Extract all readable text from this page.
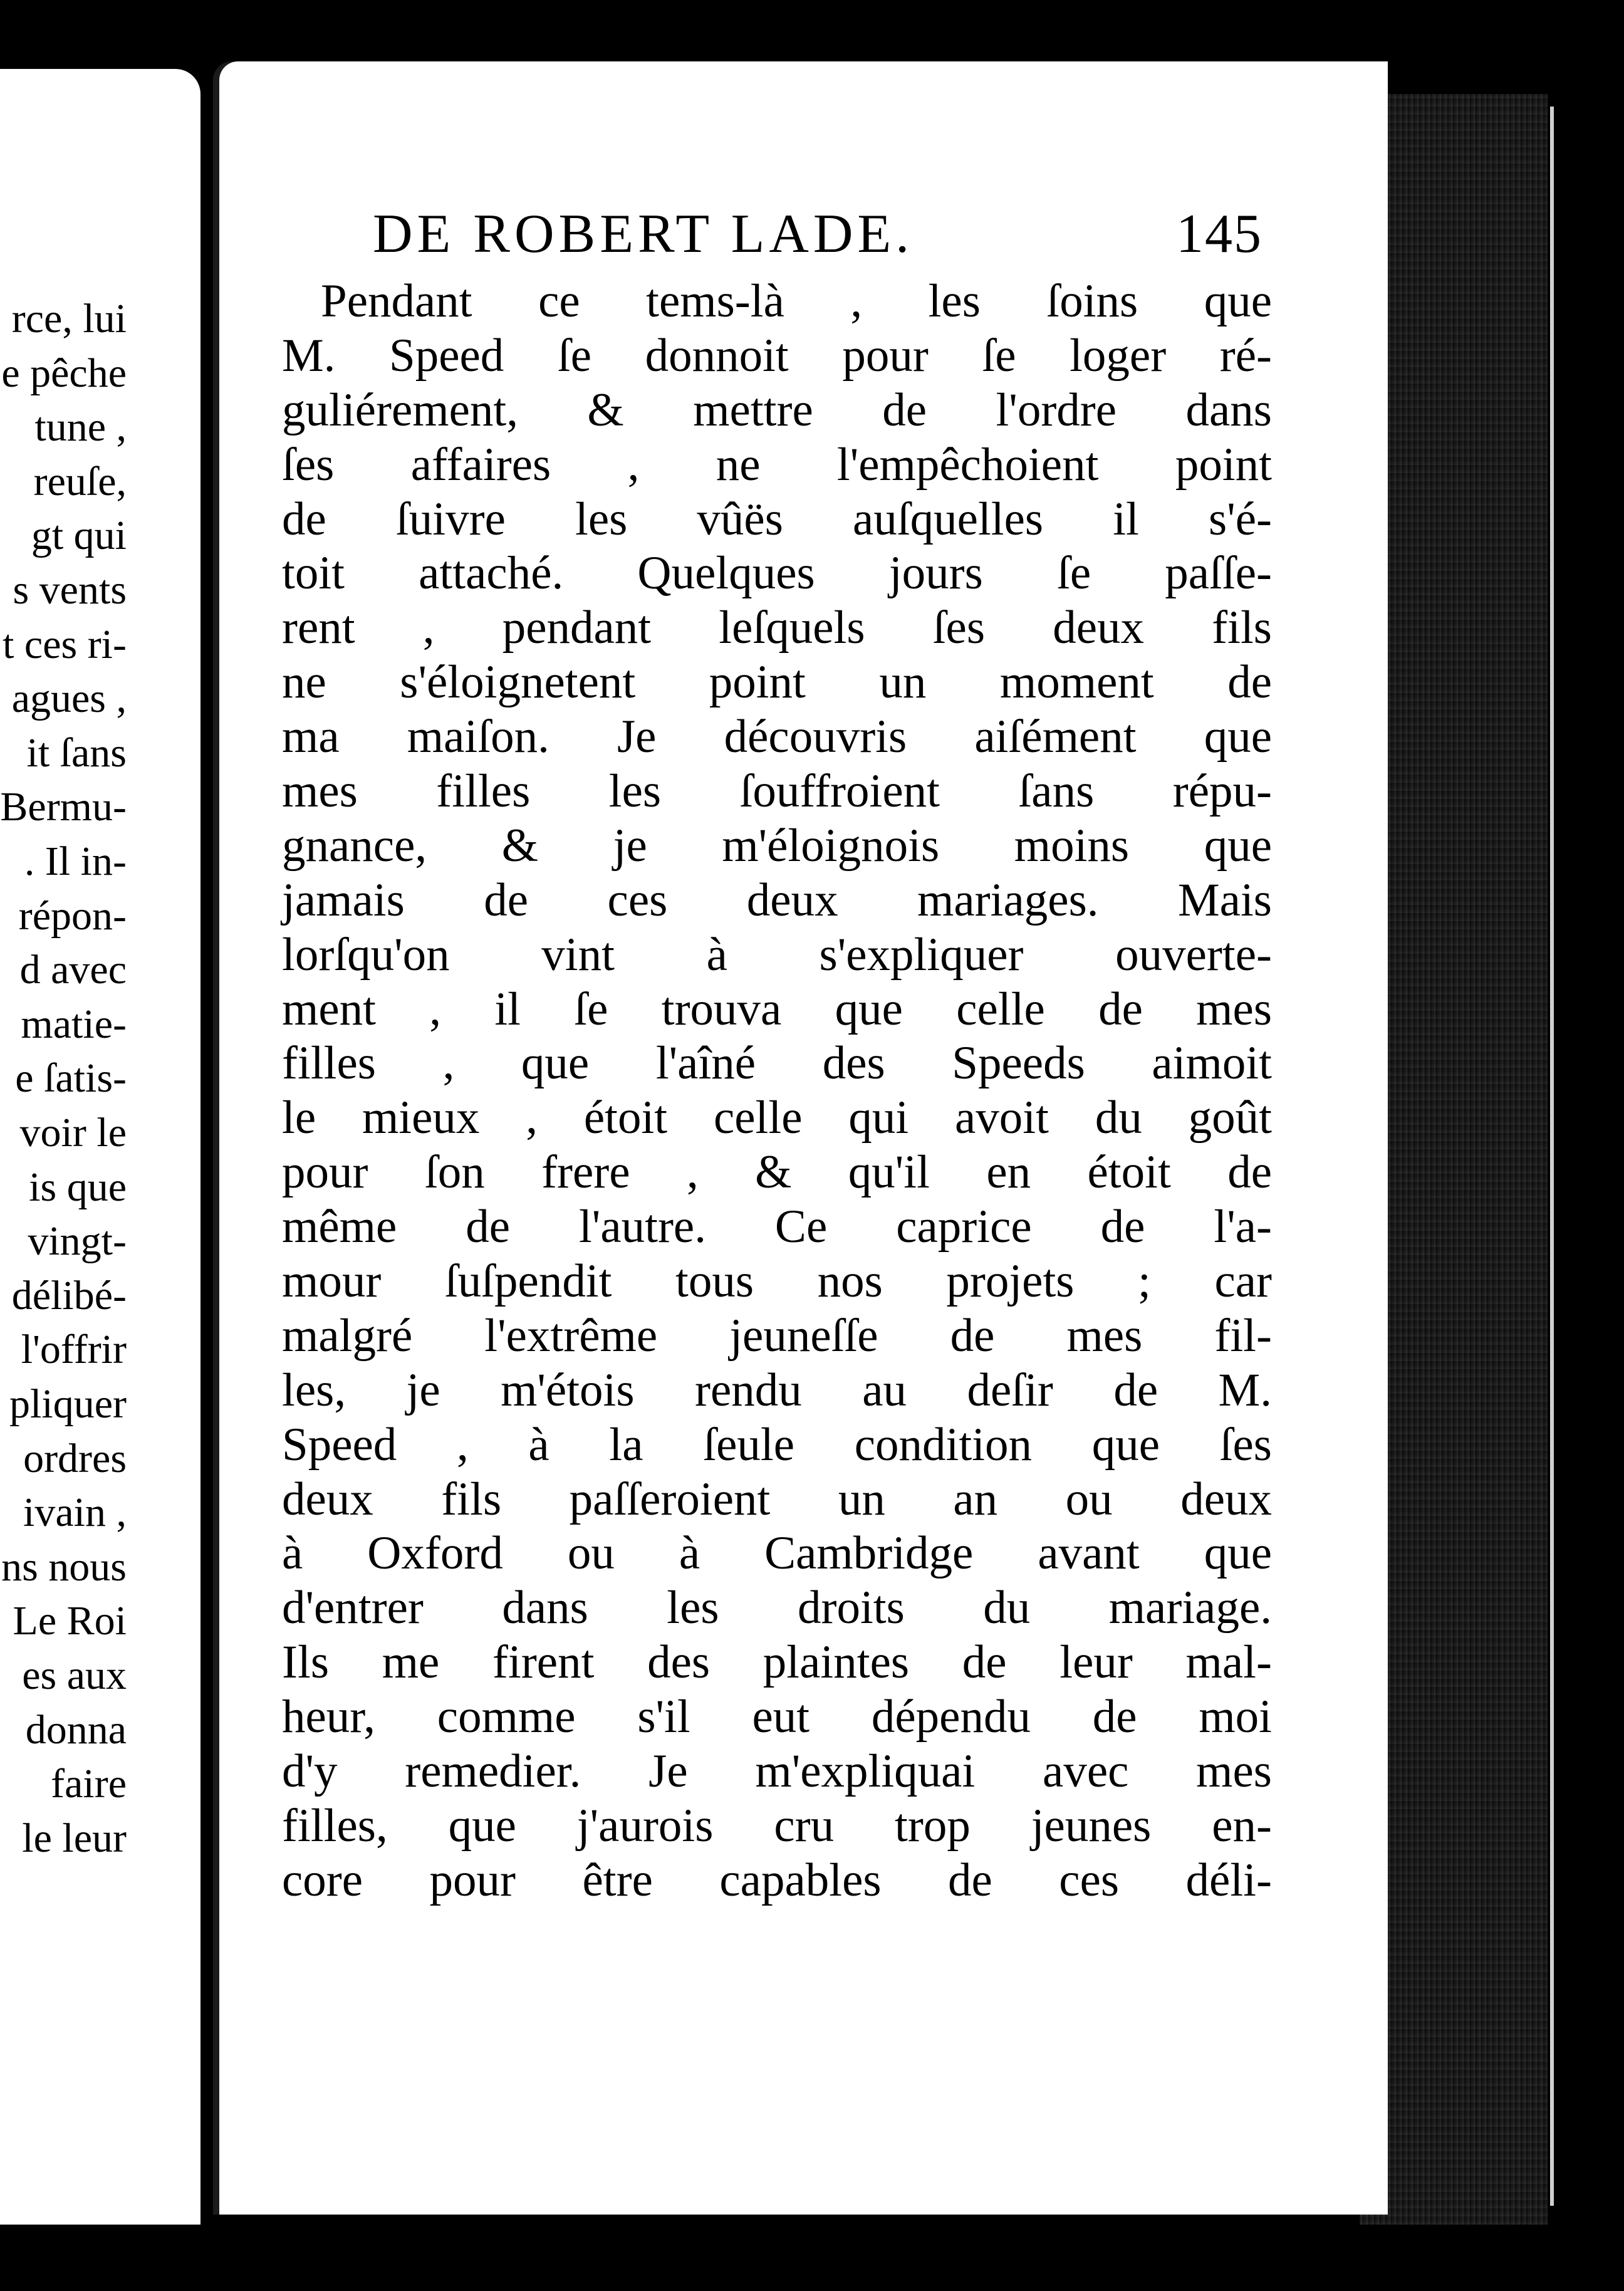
rce, lui
e pêche
tune ,
reuſe,
gt qui
s vents
t ces ri-
agues ,
it ſans
Bermu-
. Il in-
répon-
d avec
matie-
e ſatis-
voir le
is que
vingt-
délibé-
l'offrir
pliquer
ordres
ivain ,
ns nous
Le Roi
es aux
donna
faire
le leur
DE ROBERT LADE.	145
Pendant ce tems-là , les ſoins que
M. Speed ſe donnoit pour ſe loger ré-
guliérement, & mettre de l'ordre dans
ſes affaires , ne l'empêchoient point
de ſuivre les vûës auſquelles il s'é-
toit attaché. Quelques jours ſe paſſe-
rent , pendant leſquels ſes deux fils
ne s'éloignetent point un moment de
ma maiſon. Je découvris aiſément que
mes filles les ſouffroient ſans répu-
gnance, & je m'éloignois moins que
jamais de ces deux mariages. Mais
lorſqu'on vint à s'expliquer ouverte-
ment , il ſe trouva que celle de mes
filles , que l'aîné des Speeds aimoit
le mieux , étoit celle qui avoit du goût
pour ſon frere , & qu'il en étoit de
même de l'autre. Ce caprice de l'a-
mour ſuſpendit tous nos projets ; car
malgré l'extrême jeuneſſe de mes fil-
les, je m'étois rendu au deſir de M.
Speed , à la ſeule condition que ſes
deux fils paſſeroient un an ou deux
à Oxford ou à Cambridge avant que
d'entrer dans les droits du mariage.
Ils me firent des plaintes de leur mal-
heur, comme s'il eut dépendu de moi
d'y remedier. Je m'expliquai avec mes
filles, que j'aurois cru trop jeunes en-
core pour être capables de ces déli-
